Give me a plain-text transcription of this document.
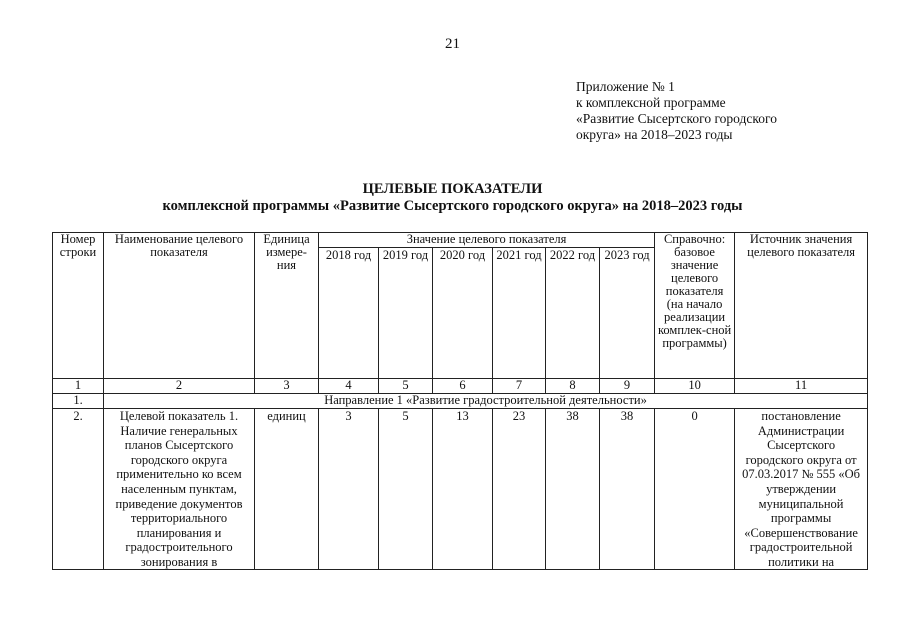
21
Приложение № 1
к комплексной программе
«Развитие Сысертского городского
округа» на 2018–2023 годы
ЦЕЛЕВЫЕ ПОКАЗАТЕЛИ
комплексной программы «Развитие Сысертского городского округа» на 2018–2023 годы
Номер строки	Наименование целевого показателя	Единица измере-ния	Значение целевого показателя						Справочно: базовое значение целевого показателя (на начало реализации комплек-сной программы)	Источник значения целевого показателя
			2018 год	2019 год	2020 год	2021 год	2022 год	2023 год		
1	2	3	4	5	6	7	8	9	10	11
1.	Направление 1 «Развитие градостроительной деятельности»									
2.	Целевой показатель 1. Наличие генеральных планов Сысертского городского округа применительно ко всем населенным пунктам, приведение документов территориального планирования и градостроительного зонирования в	единиц	3	5	13	23	38	38	0	постановление Администрации Сысертского городского округа от 07.03.2017 № 555 «Об утверждении муниципальной программы «Совершенствование градостроительной политики на
